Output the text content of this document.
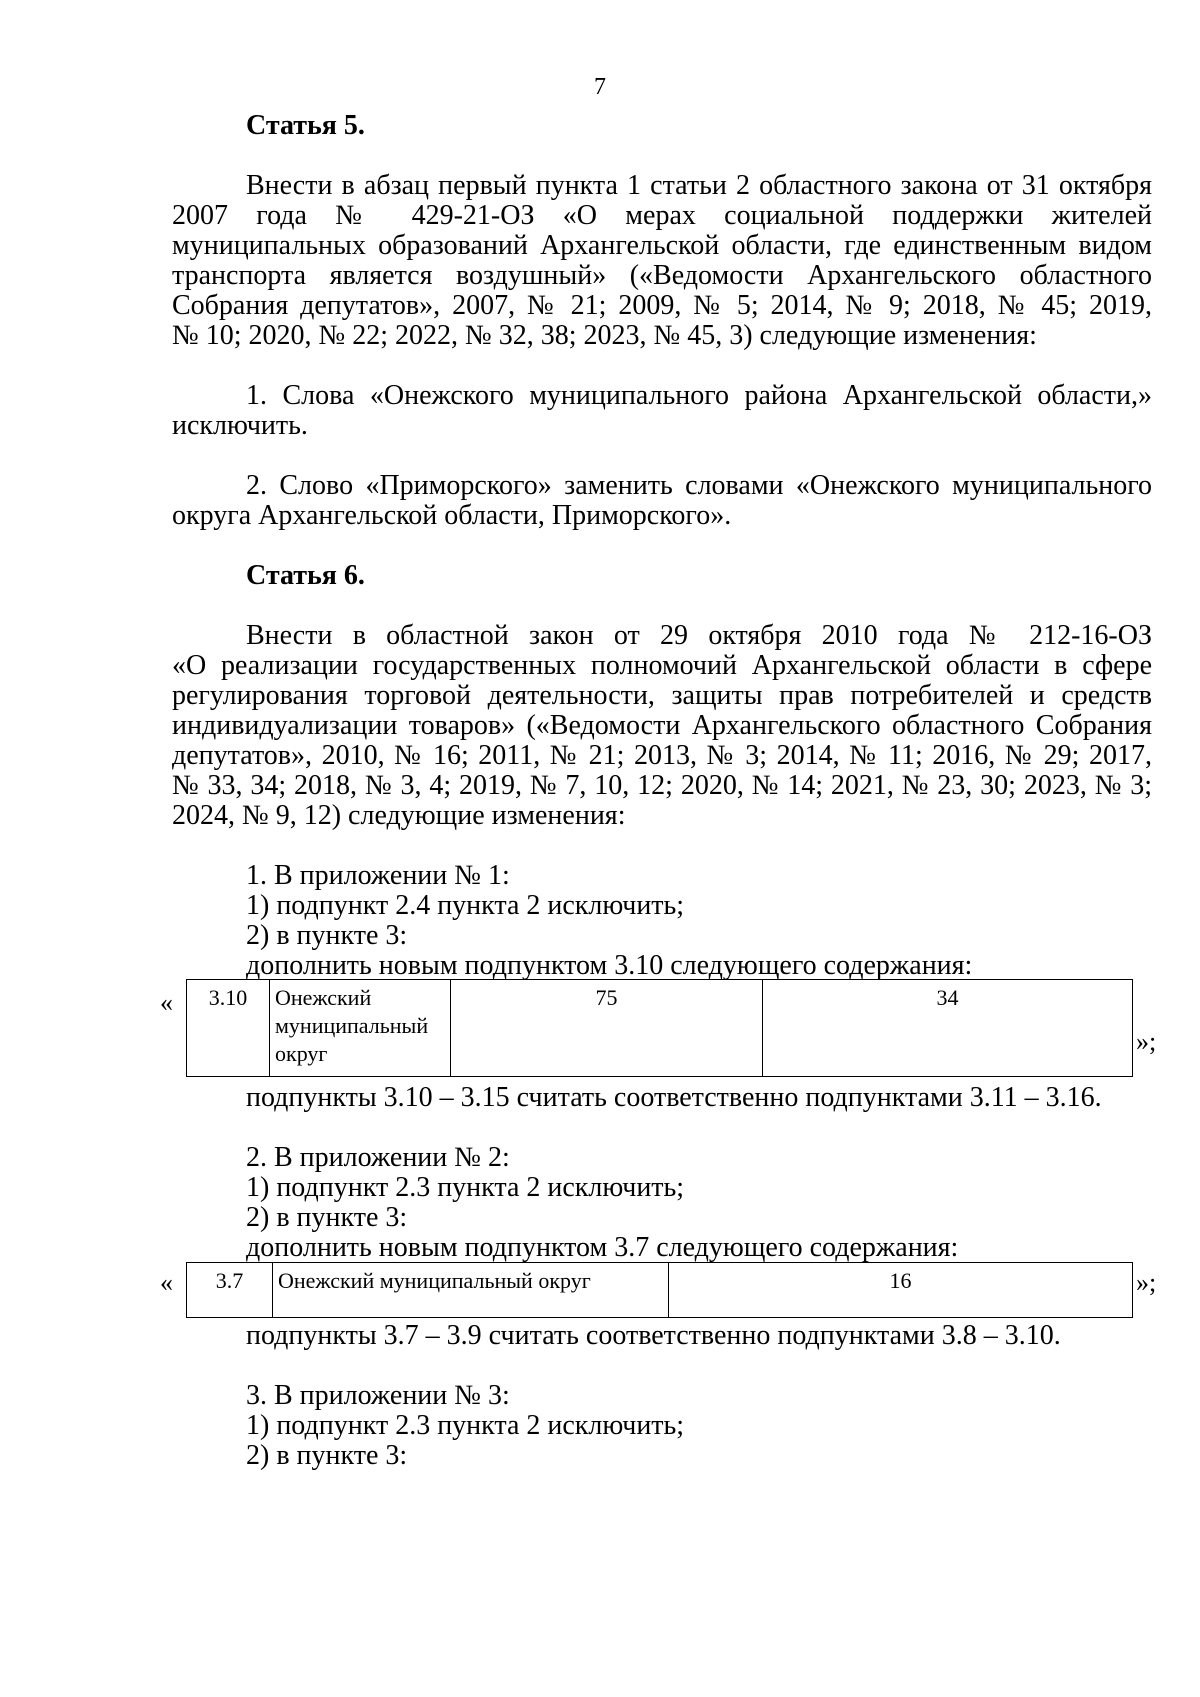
7
Статья 5.
Внести в абзац первый пункта 1 статьи 2 областного закона от 31 октября
2007 года № 429-21-ОЗ «О мерах социальной поддержки жителей
муниципальных образований Архангельской области, где единственным видом
транспорта является воздушный» («Ведомости Архангельского областного
Собрания депутатов», 2007, № 21; 2009, № 5; 2014, № 9; 2018, № 45; 2019,
№ 10; 2020, № 22; 2022, № 32, 38; 2023, № 45, 3) следующие изменения:
1. Слова «Онежского муниципального района Архангельской области,»
исключить.
2. Слово «Приморского» заменить словами «Онежского муниципального
округа Архангельской области, Приморского».
Статья 6.
Внести в областной закон от 29 октября 2010 года № 212-16-ОЗ
«О реализации государственных полномочий Архангельской области в сфере
регулирования торговой деятельности, защиты прав потребителей и средств
индивидуализации товаров» («Ведомости Архангельского областного Собрания
депутатов», 2010, № 16; 2011, № 21; 2013, № 3; 2014, № 11; 2016, № 29; 2017,
№ 33, 34; 2018, № 3, 4; 2019, № 7, 10, 12; 2020, № 14; 2021, № 23, 30; 2023, № 3;
2024, № 9, 12) следующие изменения:
1. В приложении № 1:
1) подпункт 2.4 пункта 2 исключить;
2) в пункте 3:
дополнить новым подпунктом 3.10 следующего содержания:
« 3.10	Онежский муниципальный округ	75	34
»;
подпункты 3.10 – 3.15 считать соответственно подпунктами 3.11 – 3.16.
2. В приложении № 2:
1) подпункт 2.3 пункта 2 исключить;
2) в пункте 3:
дополнить новым подпунктом 3.7 следующего содержания:
« 3.7	Онежский муниципальный округ	16	»;
подпункты 3.7 – 3.9 считать соответственно подпунктами 3.8 – 3.10.
3. В приложении № 3:
1) подпункт 2.3 пункта 2 исключить;
2) в пункте 3:
